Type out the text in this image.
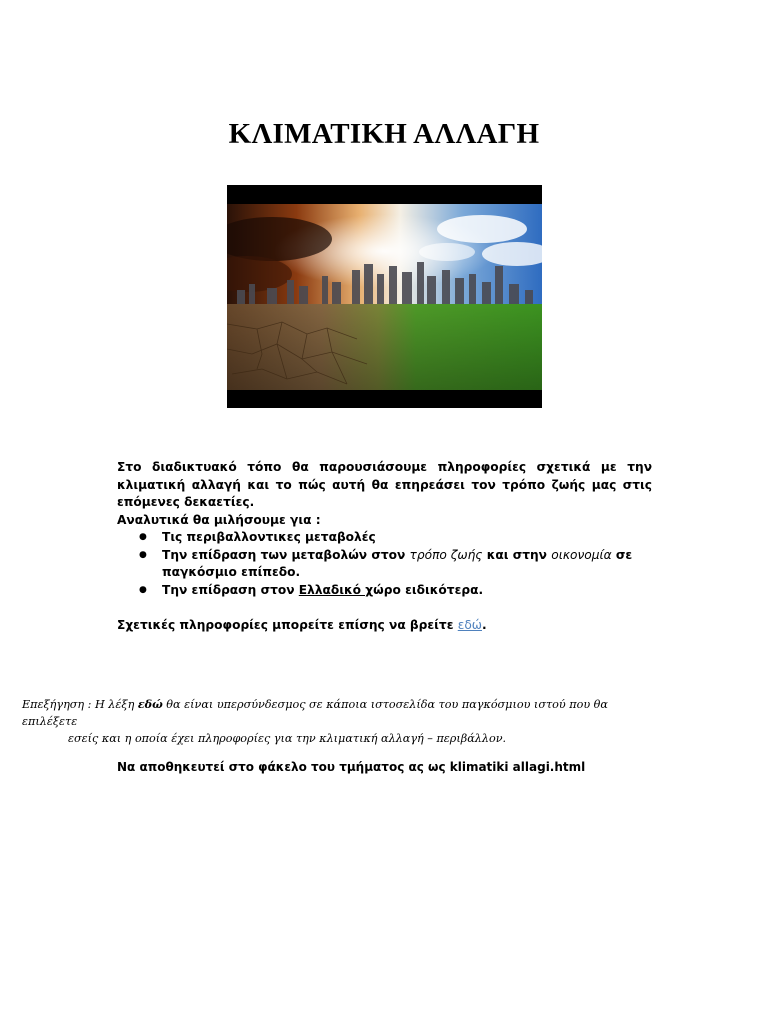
ΚΛΙΜΑΤΙΚΗ ΑΛΛΑΓΗ

Στο διαδικτυακό τόπο θα παρουσιάσουμε πληροφορίες σχετικά με την κλιματική αλλαγή και το πώς αυτή θα επηρεάσει τον τρόπο ζωής μας στις επόμενες δεκαετίες.

Αναλυτικά θα μιλήσουμε για :
● Τις περιβαλλοντικες μεταβολές
● Την επίδραση των μεταβολών στον τρόπο ζωής και στην οικονομία σε παγκόσμιο επίπεδο.
● Την επίδραση στον Ελλαδικό χώρο ειδικότερα.
Σχετικές πληροφορίες μπορείτε επίσης να βρείτε εδώ.
Επεξήγηση : Η λέξη εδώ θα είναι υπερσύνδεσμος σε κάποια ιστοσελίδα του παγκόσμιου ιστού που θα επιλέξετε
εσείς και η οποία έχει πληροφορίες για την κλιματική αλλαγή – περιβάλλον.
Να αποθηκευτεί στο φάκελο του τμήματος ας ως klimatiki allagi.html
